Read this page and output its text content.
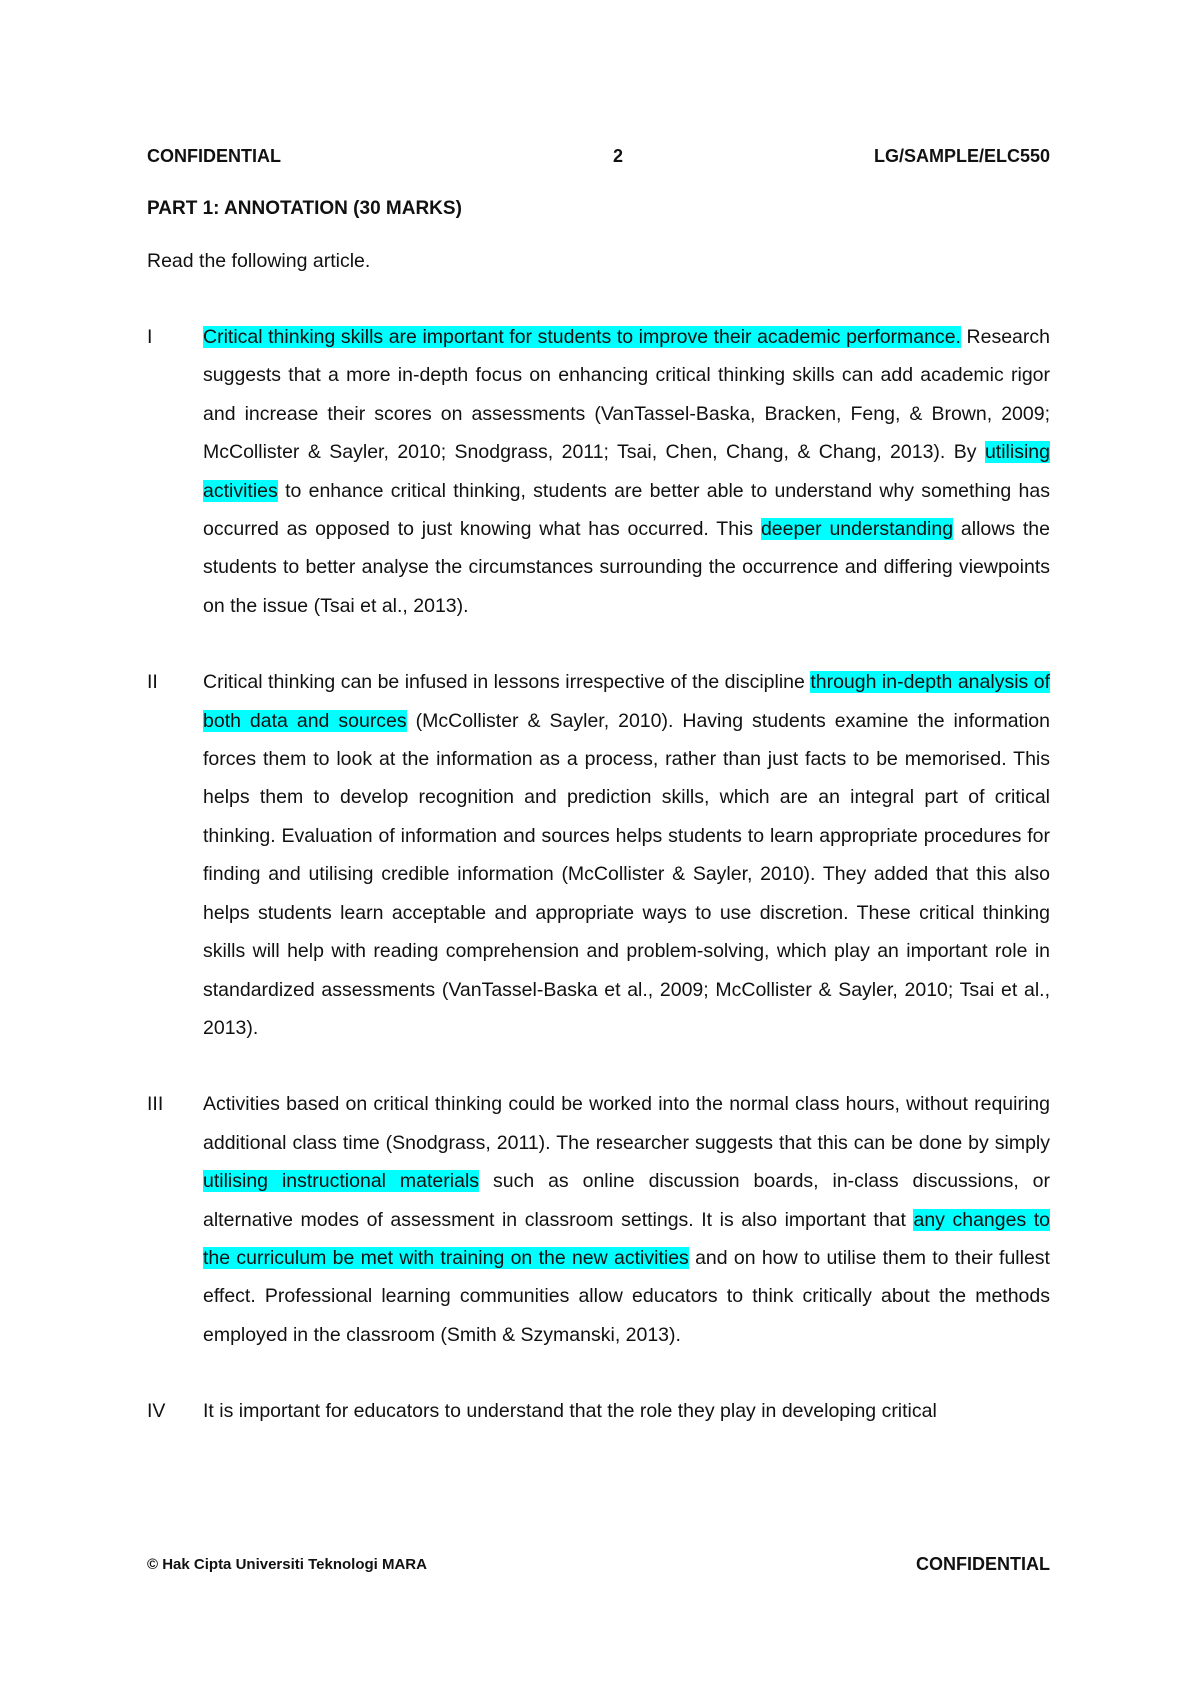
CONFIDENTIAL	2	LG/SAMPLE/ELC550
PART 1: ANNOTATION (30 MARKS)
Read the following article.
I	Critical thinking skills are important for students to improve their academic performance. Research suggests that a more in-depth focus on enhancing critical thinking skills can add academic rigor and increase their scores on assessments (VanTassel-Baska, Bracken, Feng, & Brown, 2009; McCollister & Sayler, 2010; Snodgrass, 2011; Tsai, Chen, Chang, & Chang, 2013). By utilising activities to enhance critical thinking, students are better able to understand why something has occurred as opposed to just knowing what has occurred. This deeper understanding allows the students to better analyse the circumstances surrounding the occurrence and differing viewpoints on the issue (Tsai et al., 2013).
II Critical thinking can be infused in lessons irrespective of the discipline through in-depth analysis of both data and sources (McCollister & Sayler, 2010). Having students examine the information forces them to look at the information as a process, rather than just facts to be memorised. This helps them to develop recognition and prediction skills, which are an integral part of critical thinking. Evaluation of information and sources helps students to learn appropriate procedures for finding and utilising credible information (McCollister & Sayler, 2010). They added that this also helps students learn acceptable and appropriate ways to use discretion. These critical thinking skills will help with reading comprehension and problem-solving, which play an important role in standardized assessments (VanTassel-Baska et al., 2009; McCollister & Sayler, 2010; Tsai et al., 2013).
III Activities based on critical thinking could be worked into the normal class hours, without requiring additional class time (Snodgrass, 2011). The researcher suggests that this can be done by simply utilising instructional materials such as online discussion boards, in-class discussions, or alternative modes of assessment in classroom settings. It is also important that any changes to the curriculum be met with training on the new activities and on how to utilise them to their fullest effect. Professional learning communities allow educators to think critically about the methods employed in the classroom (Smith & Szymanski, 2013).
IV It is important for educators to understand that the role they play in developing critical
© Hak Cipta Universiti Teknologi MARA	CONFIDENTIAL
